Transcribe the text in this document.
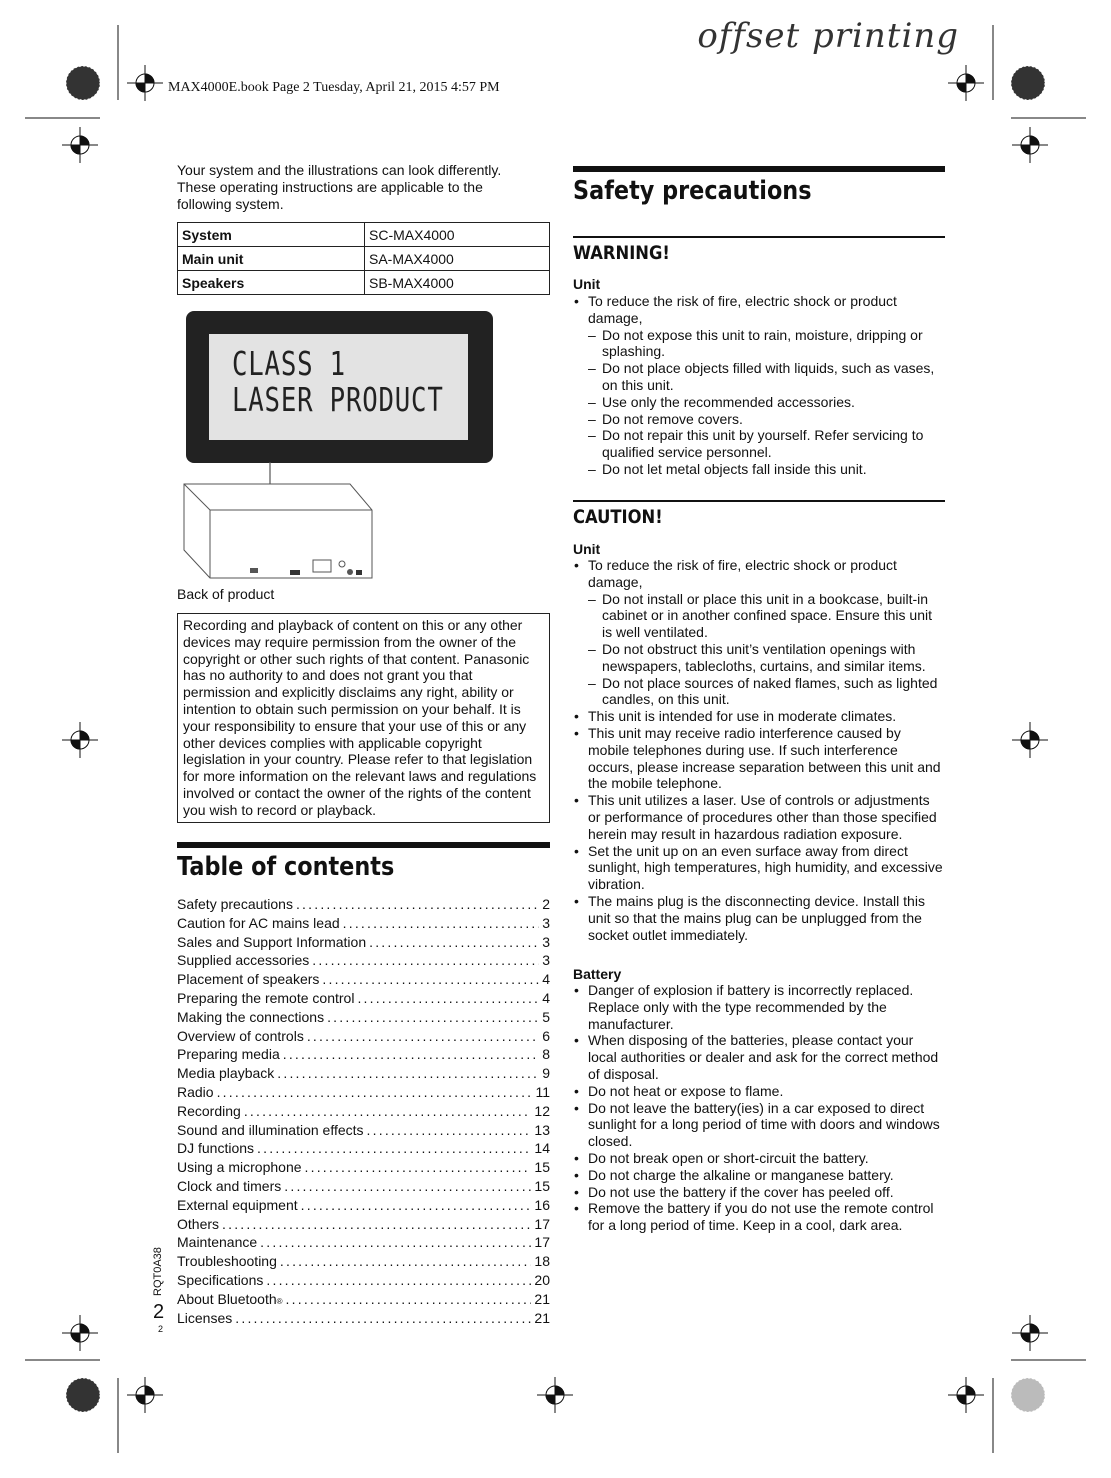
offset printing
MAX4000E.book Page 2 Tuesday, April 21, 2015 4:57 PM
Your system and the illustrations can look differently. These operating instructions are applicable to the following system.
System	SC-MAX4000
Main unit	SA-MAX4000
Speakers	SB-MAX4000
CLASS 1
LASER PRODUCT
Back of product
Recording and playback of content on this or any other devices may require permission from the owner of the copyright or other such rights of that content. Panasonic has no authority to and does not grant you that permission and explicitly disclaims any right, ability or intention to obtain such permission on your behalf. It is your responsibility to ensure that your use of this or any other devices complies with applicable copyright legislation in your country. Please refer to that legislation for more information on the relevant laws and regulations involved or contact the owner of the rights of the content you wish to record or playback.
Table of contents
Safety precautions .....	2
Caution for AC mains lead .....	3
Sales and Support Information .....	3
Supplied accessories .....	3
Placement of speakers .....	4
Preparing the remote control .....	4
Making the connections .....	5
Overview of controls .....	6
Preparing media .....	8
Media playback .....	9
Radio .....	11
Recording .....	12
Sound and illumination effects .....	13
DJ functions .....	14
Using a microphone .....	15
Clock and timers .....	15
External equipment .....	16
Others .....	17
Maintenance .....	17
Troubleshooting .....	18
Specifications .....	20
About Bluetooth ® .....	21
Licenses .....	21
RQT0A38
2
2
Safety precautions
WARNING!
Unit
• To reduce the risk of fire, electric shock or product damage,
– Do not expose this unit to rain, moisture, dripping or splashing.
– Do not place objects filled with liquids, such as vases, on this unit.
– Use only the recommended accessories.
– Do not remove covers.
– Do not repair this unit by yourself. Refer servicing to qualified service personnel.
– Do not let metal objects fall inside this unit.
CAUTION!
Unit
• To reduce the risk of fire, electric shock or product damage,
– Do not install or place this unit in a bookcase, built-in cabinet or in another confined space. Ensure this unit is well ventilated.
– Do not obstruct this unit’s ventilation openings with newspapers, tablecloths, curtains, and similar items.
– Do not place sources of naked flames, such as lighted candles, on this unit.
• This unit is intended for use in moderate climates.
• This unit may receive radio interference caused by mobile telephones during use. If such interference occurs, please increase separation between this unit and the mobile telephone.
• This unit utilizes a laser. Use of controls or adjustments or performance of procedures other than those specified herein may result in hazardous radiation exposure.
• Set the unit up on an even surface away from direct sunlight, high temperatures, high humidity, and excessive vibration.
• The mains plug is the disconnecting device. Install this unit so that the mains plug can be unplugged from the socket outlet immediately.
Battery
• Danger of explosion if battery is incorrectly replaced. Replace only with the type recommended by the manufacturer.
• When disposing of the batteries, please contact your local authorities or dealer and ask for the correct method of disposal.
• Do not heat or expose to flame.
• Do not leave the battery(ies) in a car exposed to direct sunlight for a long period of time with doors and windows closed.
• Do not break open or short-circuit the battery.
• Do not charge the alkaline or manganese battery.
• Do not use the battery if the cover has peeled off.
• Remove the battery if you do not use the remote control for a long period of time. Keep in a cool, dark area.
